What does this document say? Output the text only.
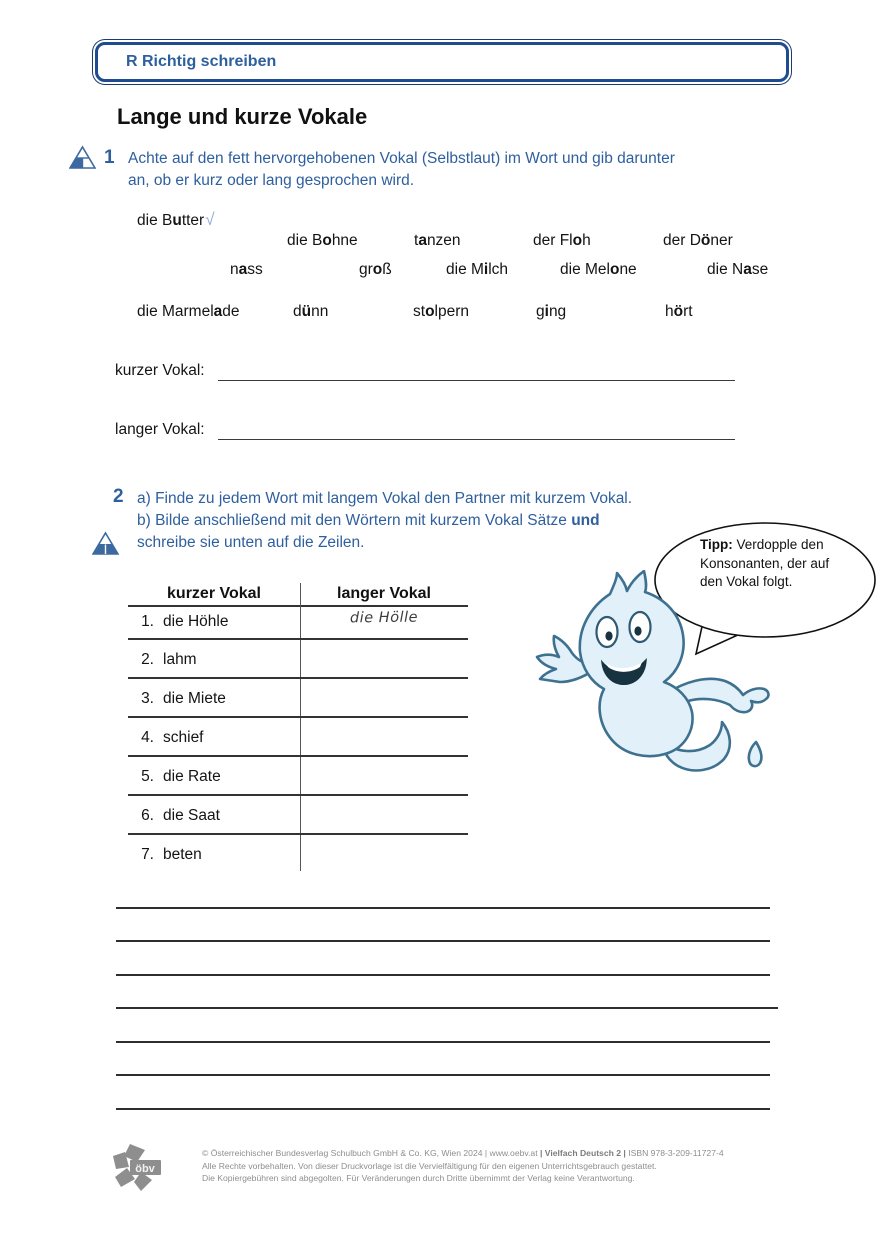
R Richtig schreiben
Lange und kurze Vokale
1 Achte auf den fett hervorgehobenen Vokal (Selbstlaut) im Wort und gib darunter
an, ob er kurz oder lang gesprochen wird.
die Butter√
die Bohne	tanzen	der Floh	der Döner
nass	groß	die Milch	die Melone	die Nase
die Marmelade	dünn	stolpern	ging	hört
kurzer Vokal:
langer Vokal:
2 a) Finde zu jedem Wort mit langem Vokal den Partner mit kurzem Vokal.
b) Bilde anschließend mit den Wörtern mit kurzem Vokal Sätze und
schreibe sie unten auf die Zeilen.
kurzer Vokal	langer Vokal
1. die Höhle	die Hölle
2. lahm
3. die Miete
4. schief
5. die Rate
6. die Saat
7. beten
Tipp: Verdopple den Konsonanten, der auf den Vokal folgt.
öbv
© Österreichischer Bundesverlag Schulbuch GmbH & Co. KG, Wien 2024 | www.oebv.at | Vielfach Deutsch 2 | ISBN 978-3-209-11727-4
Alle Rechte vorbehalten. Von dieser Druckvorlage ist die Vervielfältigung für den eigenen Unterrichtsgebrauch gestattet.
Die Kopiergebühren sind abgegolten. Für Veränderungen durch Dritte übernimmt der Verlag keine Verantwortung.
